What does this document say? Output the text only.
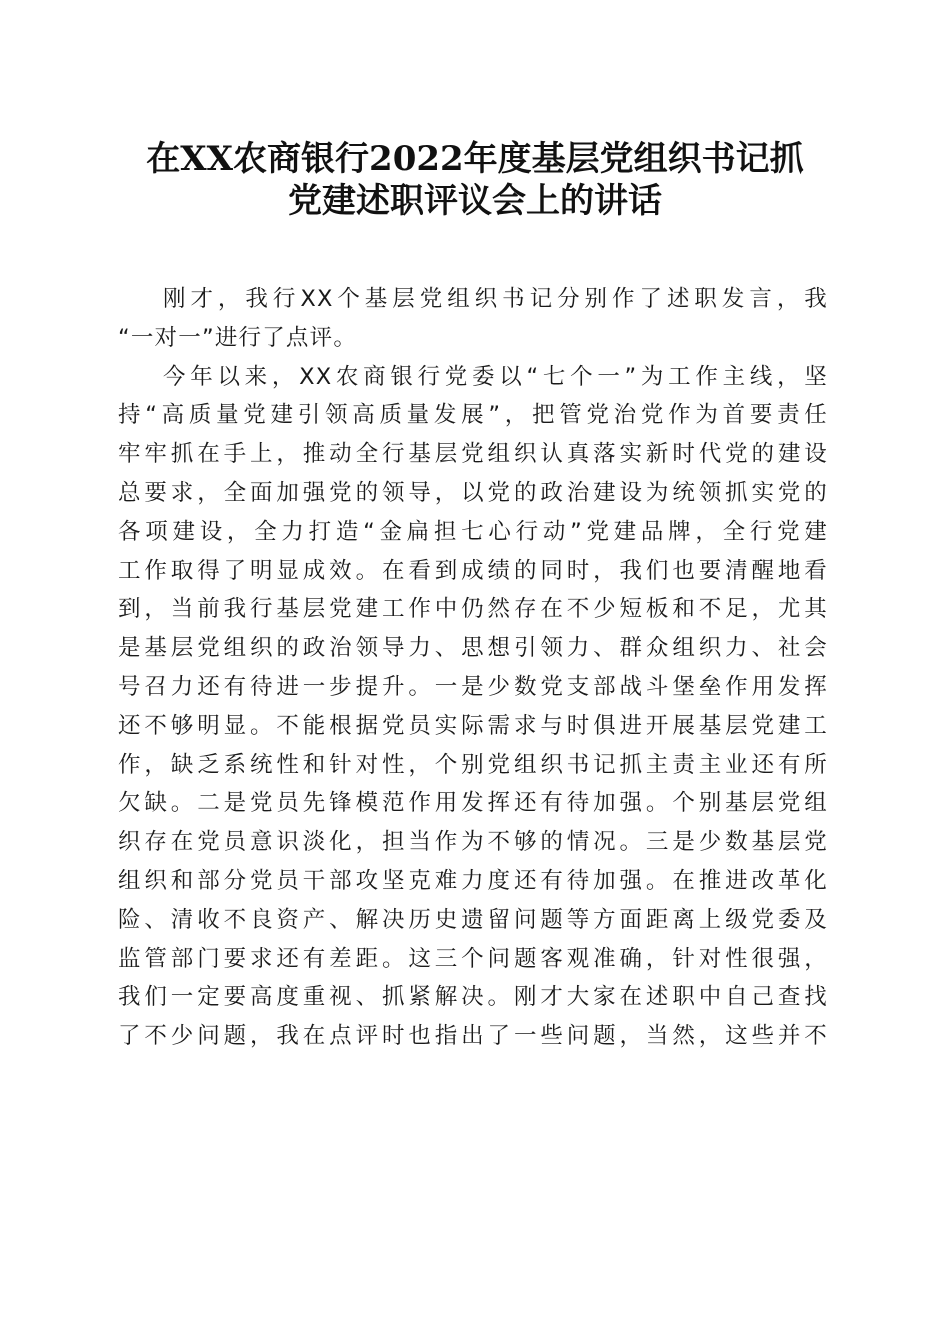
在XX农商银行2022年度基层党组织书记抓
党建述职评议会上的讲话
刚才，我行XX个基层党组织书记分别作了述职发言，我
“一对一”进行了点评。
今年以来，XX农商银行党委以“七个一”为工作主线，坚
持“高质量党建引领高质量发展”，把管党治党作为首要责任
牢牢抓在手上，推动全行基层党组织认真落实新时代党的建设
总要求，全面加强党的领导，以党的政治建设为统领抓实党的
各项建设，全力打造“金扁担七心行动”党建品牌，全行党建
工作取得了明显成效。在看到成绩的同时，我们也要清醒地看
到，当前我行基层党建工作中仍然存在不少短板和不足，尤其
是基层党组织的政治领导力、思想引领力、群众组织力、社会
号召力还有待进一步提升。一是少数党支部战斗堡垒作用发挥
还不够明显。不能根据党员实际需求与时俱进开展基层党建工
作，缺乏系统性和针对性，个别党组织书记抓主责主业还有所
欠缺。二是党员先锋模范作用发挥还有待加强。个别基层党组
织存在党员意识淡化，担当作为不够的情况。三是少数基层党
组织和部分党员干部攻坚克难力度还有待加强。在推进改革化
险、清收不良资产、解决历史遗留问题等方面距离上级党委及
监管部门要求还有差距。这三个问题客观准确，针对性很强，
我们一定要高度重视、抓紧解决。刚才大家在述职中自己查找
了不少问题，我在点评时也指出了一些问题，当然，这些并不
